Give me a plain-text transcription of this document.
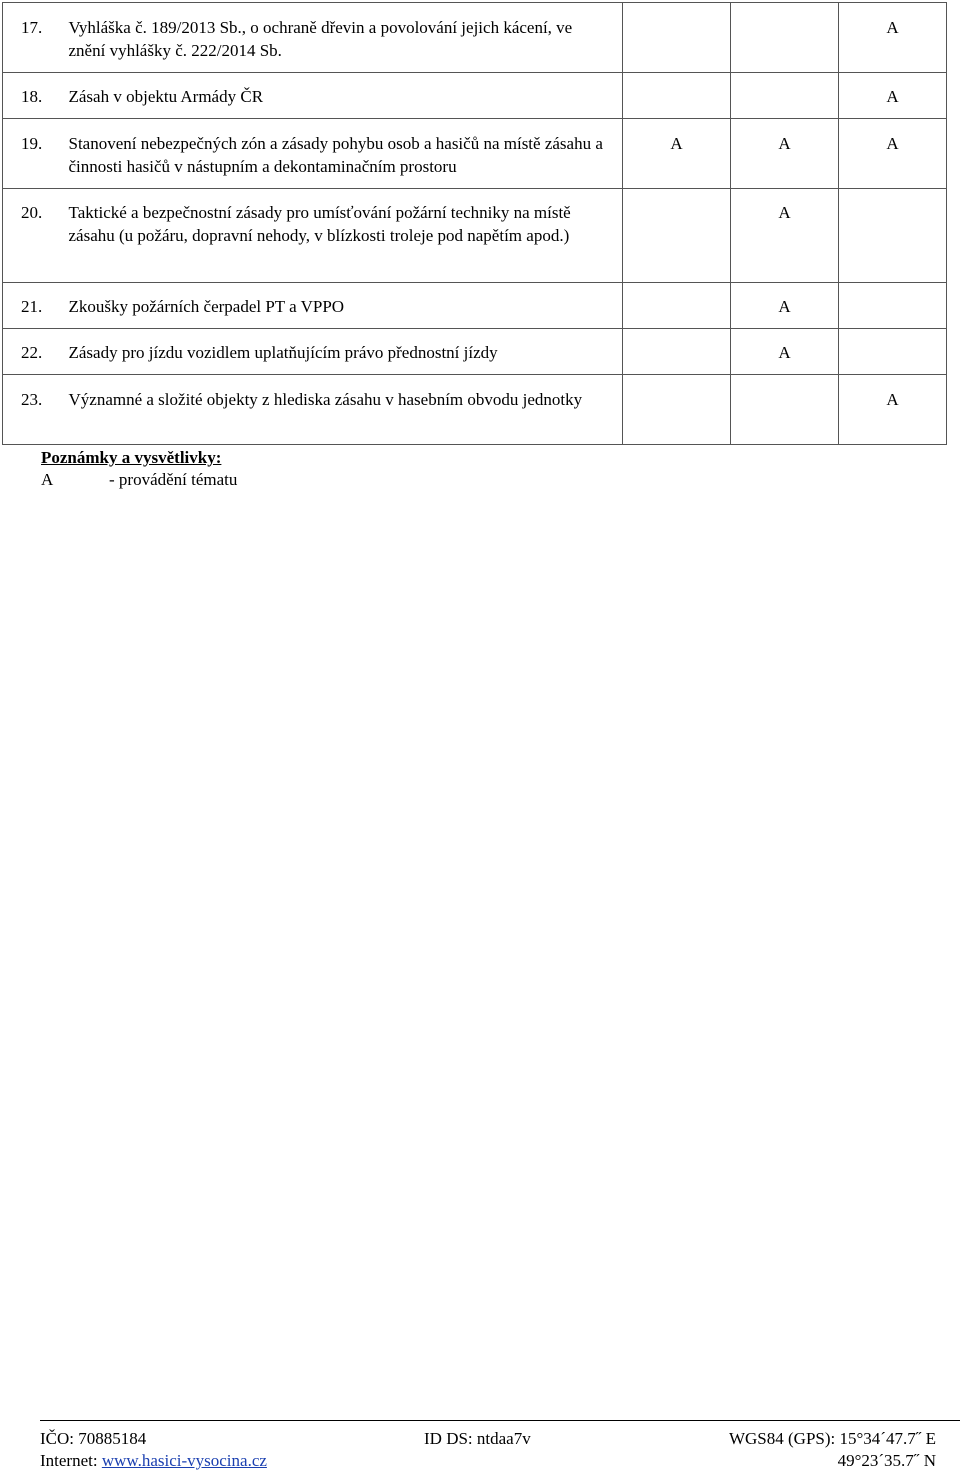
17.	Vyhláška č. 189/2013 Sb., o ochraně dřevin a povolování jejich kácení, ve znění vyhlášky č. 222/2014 Sb.			A
18.	Zásah v objektu Armády ČR			A
19.	Stanovení nebezpečných zón a zásady pohybu osob a hasičů na místě zásahu a činnosti hasičů v nástupním a dekontaminačním prostoru	A	A	A
20.	Taktické a bezpečnostní zásady pro umísťování požární techniky na místě zásahu (u požáru, dopravní nehody, v blízkosti troleje pod napětím apod.)		A	
21.	Zkoušky požárních čerpadel PT a VPPO		A	
22.	Zásady pro jízdu vozidlem uplatňujícím právo přednostní jízdy		A	
23.	Významné a složité objekty z hlediska zásahu v hasebním obvodu jednotky			A

Poznámky a vysvětlivky:

A	- provádění tématu

IČO: 70885184	ID DS: ntdaa7v	WGS84 (GPS): 15°34´47.7˝ E
Internet: www.hasici-vysocina.cz	49°23´35.7˝ N
